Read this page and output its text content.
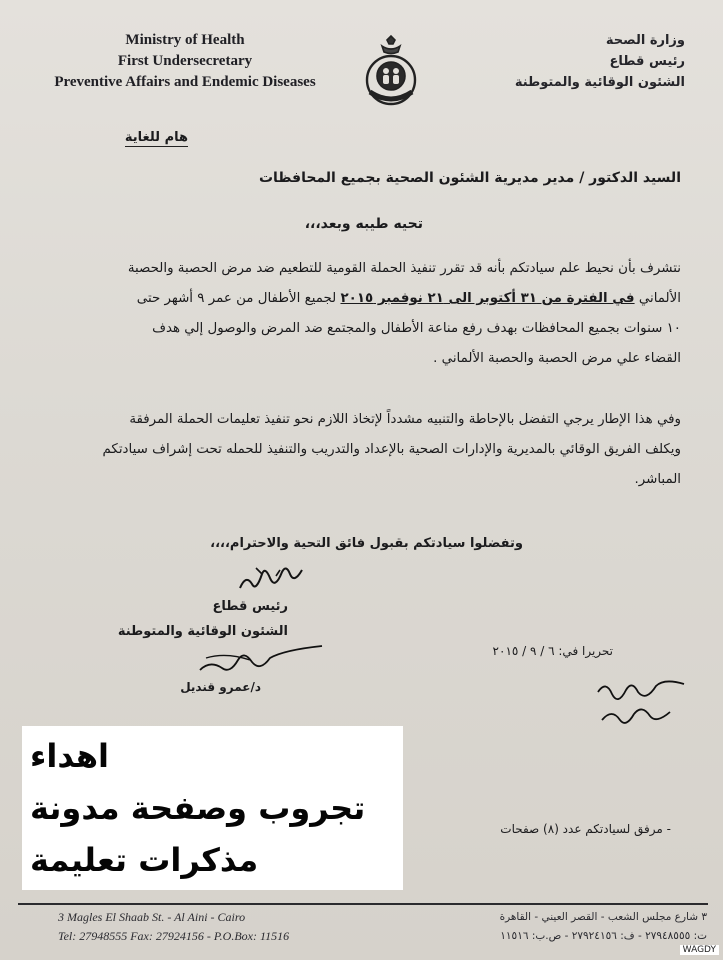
Ministry of Health
First Undersecretary
Preventive Affairs and Endemic Diseases
وزارة الصحة
رئيس قطاع
الشئون الوقائية والمتوطنة
هام للغاية
السيد الدكتور / مدير مديرية الشئون الصحية بجميع المحافظات
تحيه طيبه وبعد،،،
نتشرف بأن نحيط علم سيادتكم بأنه قد تقرر تنفيذ الحملة القومية للتطعيم ضد مرض الحصبة والحصبة
الألماني في الفترة من ٣١ أكتوبر الى ٢١ نوفمبر ٢٠١٥ لجميع الأطفال من عمر ٩ أشهر حتى
١٠ سنوات بجميع المحافظات بهدف رفع مناعة الأطفال والمجتمع ضد المرض والوصول إلي هدف
القضاء علي مرض الحصبة والحصبة الألماني .
وفي هذا الإطار يرجي التفضل بالإحاطة والتنبيه مشدداً لإتخاذ اللازم نحو تنفيذ تعليمات الحملة المرفقة
ويكلف الفريق الوقائي بالمديرية والإدارات الصحية بالإعداد والتدريب والتنفيذ للحمله تحت إشراف سيادتكم
المباشر.
وتفضلوا سيادتكم بقبول فائق التحية والاحترام،،،،
رئيس قطاع
الشئون الوقائية والمتوطنة
د/عمرو قنديل
تحريرا في: ٦ / ٩ / ٢٠١٥
- مرفق لسيادتكم عدد (٨) صفحات
اهداء
تجروب وصفحة مدونة
مذكرات تعليمة
3 Magles El Shaab St. - Al Aini - Cairo
Tel: 27948555 Fax: 27924156 - P.O.Box: 11516
٣ شارع مجلس الشعب - القصر العيني - القاهرة
ت: ٢٧٩٤٨٥٥٥ - ف: ٢٧٩٢٤١٥٦ - ص.ب: ١١٥١٦
WAGDY
